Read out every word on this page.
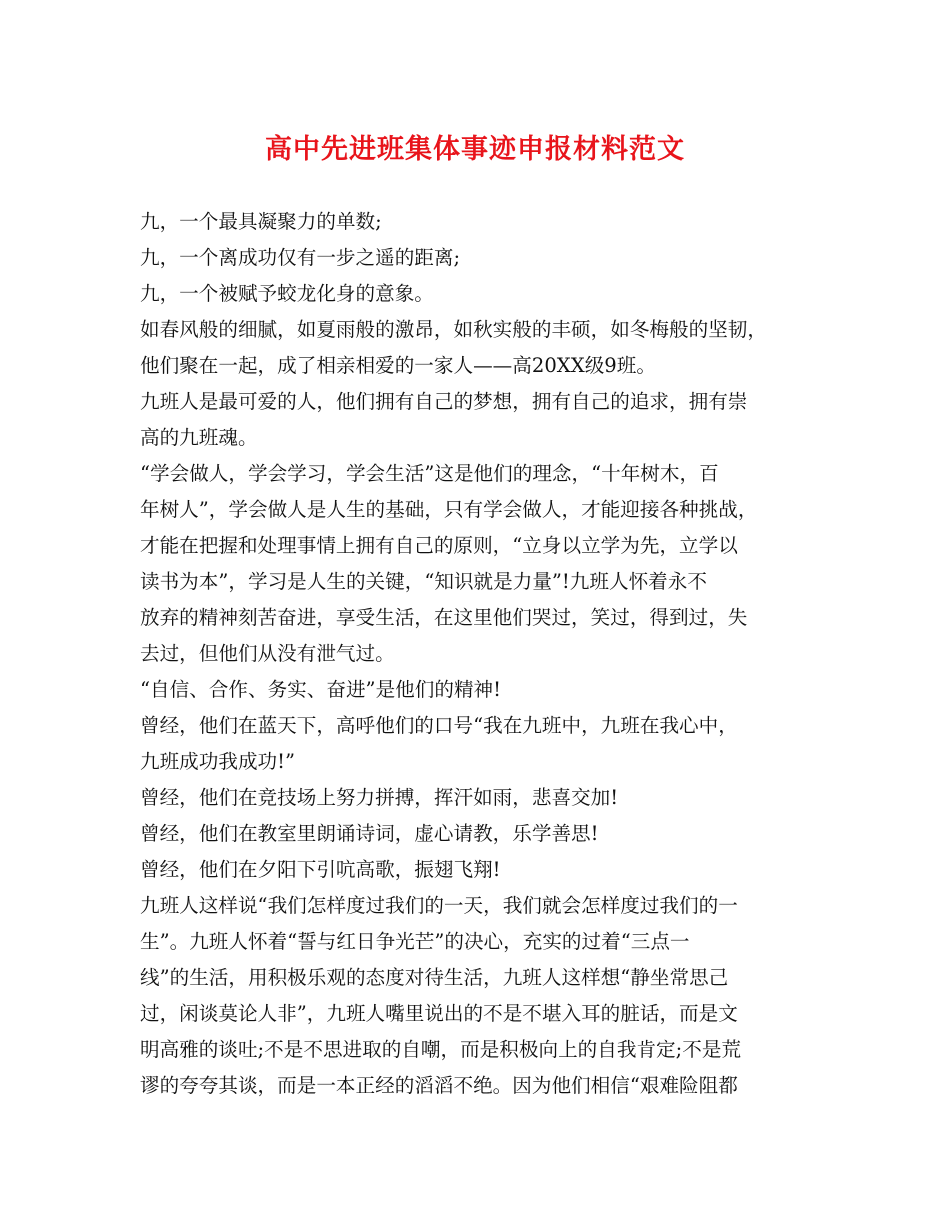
高中先进班集体事迹申报材料范文

九，一个最具凝聚力的单数;

九，一个离成功仅有一步之遥的距离;

九，一个被赋予蛟龙化身的意象。

如春风般的细腻，如夏雨般的激昂，如秋实般的丰硕，如冬梅般的坚韧，

他们聚在一起，成了相亲相爱的一家人——高20XX级9班。

九班人是最可爱的人，他们拥有自己的梦想，拥有自己的追求，拥有崇

高的九班魂。

“学会做人，学会学习，学会生活”这是他们的理念，“十年树木，百

年树人”，学会做人是人生的基础，只有学会做人，才能迎接各种挑战，

才能在把握和处理事情上拥有自己的原则，“立身以立学为先，立学以

读书为本”，学习是人生的关键，“知识就是力量”!九班人怀着永不

放弃的精神刻苦奋进，享受生活，在这里他们哭过，笑过，得到过，失

去过，但他们从没有泄气过。

“自信、合作、务实、奋进”是他们的精神!

曾经，他们在蓝天下，高呼他们的口号“我在九班中，九班在我心中，

九班成功我成功!”

曾经，他们在竞技场上努力拼搏，挥汗如雨，悲喜交加!

曾经，他们在教室里朗诵诗词，虚心请教，乐学善思!

曾经，他们在夕阳下引吭高歌，振翅飞翔!

九班人这样说“我们怎样度过我们的一天，我们就会怎样度过我们的一

生”。九班人怀着“誓与红日争光芒”的决心，充实的过着“三点一

线”的生活，用积极乐观的态度对待生活，九班人这样想“静坐常思己

过，闲谈莫论人非”，九班人嘴里说出的不是不堪入耳的脏话，而是文

明高雅的谈吐;不是不思进取的自嘲，而是积极向上的自我肯定;不是荒

谬的夸夸其谈，而是一本正经的滔滔不绝。因为他们相信“艰难险阻都
